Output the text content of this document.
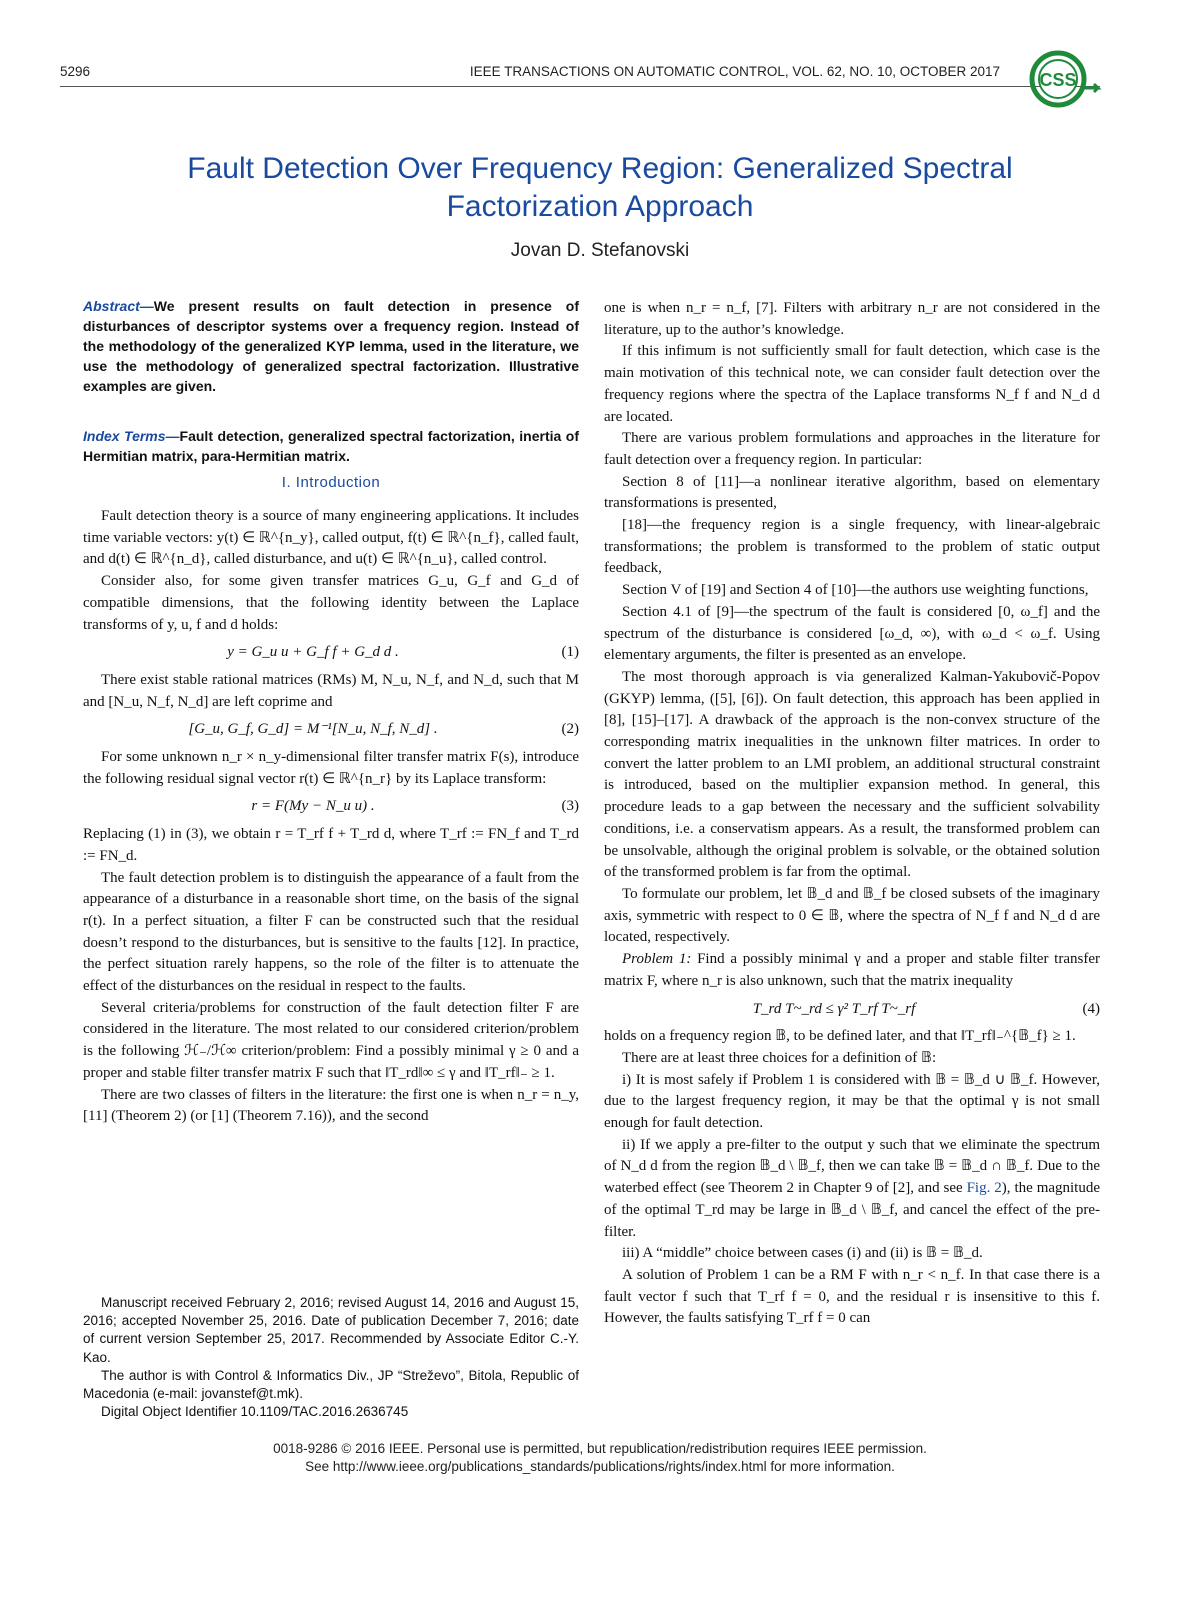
5296	IEEE TRANSACTIONS ON AUTOMATIC CONTROL, VOL. 62, NO. 10, OCTOBER 2017 CSS
Fault Detection Over Frequency Region: Generalized Spectral
Factorization Approach
Jovan D. Stefanovski
Abstract—We present results on fault detection in presence of disturbances of descriptor systems over a frequency region. Instead of the methodology of the generalized KYP lemma, used in the literature, we use the methodology of generalized spectral factorization. Illustrative examples are given.
Index Terms—Fault detection, generalized spectral factorization, inertia of Hermitian matrix, para-Hermitian matrix.
I. Introduction

Fault detection theory is a source of many engineering applications. It includes time variable vectors: y(t) ∈ ℝ^{n_y}, called output, f(t) ∈ ℝ^{n_f}, called fault, and d(t) ∈ ℝ^{n_d}, called disturbance, and u(t) ∈ ℝ^{n_u}, called control.

Consider also, for some given transfer matrices G_u, G_f and G_d of compatible dimensions, that the following identity between the Laplace transforms of y, u, f and d holds:

y = G_u u + G_f f + G_d d .	(1)

There exist stable rational matrices (RMs) M, N_u, N_f, and N_d, such that M and [N_u, N_f, N_d] are left coprime and

[G_u, G_f, G_d] = M⁻¹[N_u, N_f, N_d] .	(2)

For some unknown n_r × n_y-dimensional filter transfer matrix F(s), introduce the following residual signal vector r(t) ∈ ℝ^{n_r} by its Laplace transform:

r = F(My − N_u u) .	(3)

Replacing (1) in (3), we obtain r = T_rf f + T_rd d, where T_rf := FN_f and T_rd := FN_d.

The fault detection problem is to distinguish the appearance of a fault from the appearance of a disturbance in a reasonable short time, on the basis of the signal r(t). In a perfect situation, a filter F can be constructed such that the residual doesn’t respond to the disturbances, but is sensitive to the faults [12]. In practice, the perfect situation rarely happens, so the role of the filter is to attenuate the effect of the disturbances on the residual in respect to the faults.

Several criteria/problems for construction of the fault detection filter F are considered in the literature. The most related to our considered criterion/problem is the following ℋ₋/ℋ∞ criterion/problem: Find a possibly minimal γ ≥ 0 and a proper and stable filter transfer matrix F such that ‖T_rd‖∞ ≤ γ and ‖T_rf‖₋ ≥ 1.

There are two classes of filters in the literature: the first one is when n_r = n_y, [11] (Theorem 2) (or [1] (Theorem 7.16)), and the second

Manuscript received February 2, 2016; revised August 14, 2016 and August 15, 2016; accepted November 25, 2016. Date of publication December 7, 2016; date of current version September 25, 2017. Recommended by Associate Editor C.-Y. Kao.

The author is with Control & Informatics Div., JP “Streževo”, Bitola, Republic of Macedonia (e-mail: jovanstef@t.mk).

Digital Object Identifier 10.1109/TAC.2016.2636745

one is when n_r = n_f, [7]. Filters with arbitrary n_r are not considered in the literature, up to the author’s knowledge.

If this infimum is not sufficiently small for fault detection, which case is the main motivation of this technical note, we can consider fault detection over the frequency regions where the spectra of the Laplace transforms N_f f and N_d d are located.

There are various problem formulations and approaches in the literature for fault detection over a frequency region. In particular:

Section 8 of [11]—a nonlinear iterative algorithm, based on elementary transformations is presented,

[18]—the frequency region is a single frequency, with linear-algebraic transformations; the problem is transformed to the problem of static output feedback,

Section V of [19] and Section 4 of [10]—the authors use weighting functions,

Section 4.1 of [9]—the spectrum of the fault is considered [0, ω_f] and the spectrum of the disturbance is considered [ω_d, ∞), with ω_d < ω_f. Using elementary arguments, the filter is presented as an envelope.

The most thorough approach is via generalized Kalman-Yakubovič-Popov (GKYP) lemma, ([5], [6]). On fault detection, this approach has been applied in [8], [15]–[17]. A drawback of the approach is the non-convex structure of the corresponding matrix inequalities in the unknown filter matrices. In order to convert the latter problem to an LMI problem, an additional structural constraint is introduced, based on the multiplier expansion method. In general, this procedure leads to a gap between the necessary and the sufficient solvability conditions, i.e. a conservatism appears. As a result, the transformed problem can be unsolvable, although the original problem is solvable, or the obtained solution of the transformed problem is far from the optimal.

To formulate our problem, let 𝔹_d and 𝔹_f be closed subsets of the imaginary axis, symmetric with respect to 0 ∈ 𝔹, where the spectra of N_f f and N_d d are located, respectively.

Problem 1: Find a possibly minimal γ and a proper and stable filter transfer matrix F, where n_r is also unknown, such that the matrix inequality

T_rd T~_rd ≤ γ² T_rf T~_rf	(4)

holds on a frequency region 𝔹, to be defined later, and that ‖T_rf‖₋^{𝔹_f} ≥ 1.

There are at least three choices for a definition of 𝔹:

i) It is most safely if Problem 1 is considered with 𝔹 = 𝔹_d ∪ 𝔹_f. However, due to the largest frequency region, it may be that the optimal γ is not small enough for fault detection.

ii) If we apply a pre-filter to the output y such that we eliminate the spectrum of N_d d from the region 𝔹_d \ 𝔹_f, then we can take 𝔹 = 𝔹_d ∩ 𝔹_f. Due to the waterbed effect (see Theorem 2 in Chapter 9 of [2], and see Fig. 2), the magnitude of the optimal T_rd may be large in 𝔹_d \ 𝔹_f, and cancel the effect of the pre-filter.

iii) A “middle” choice between cases (i) and (ii) is 𝔹 = 𝔹_d.

A solution of Problem 1 can be a RM F with n_r < n_f. In that case there is a fault vector f such that T_rf f = 0, and the residual r is insensitive to this f. However, the faults satisfying T_rf f = 0 can

0018-9286 © 2016 IEEE. Personal use is permitted, but republication/redistribution requires IEEE permission.
See http://www.ieee.org/publications_standards/publications/rights/index.html for more information.
